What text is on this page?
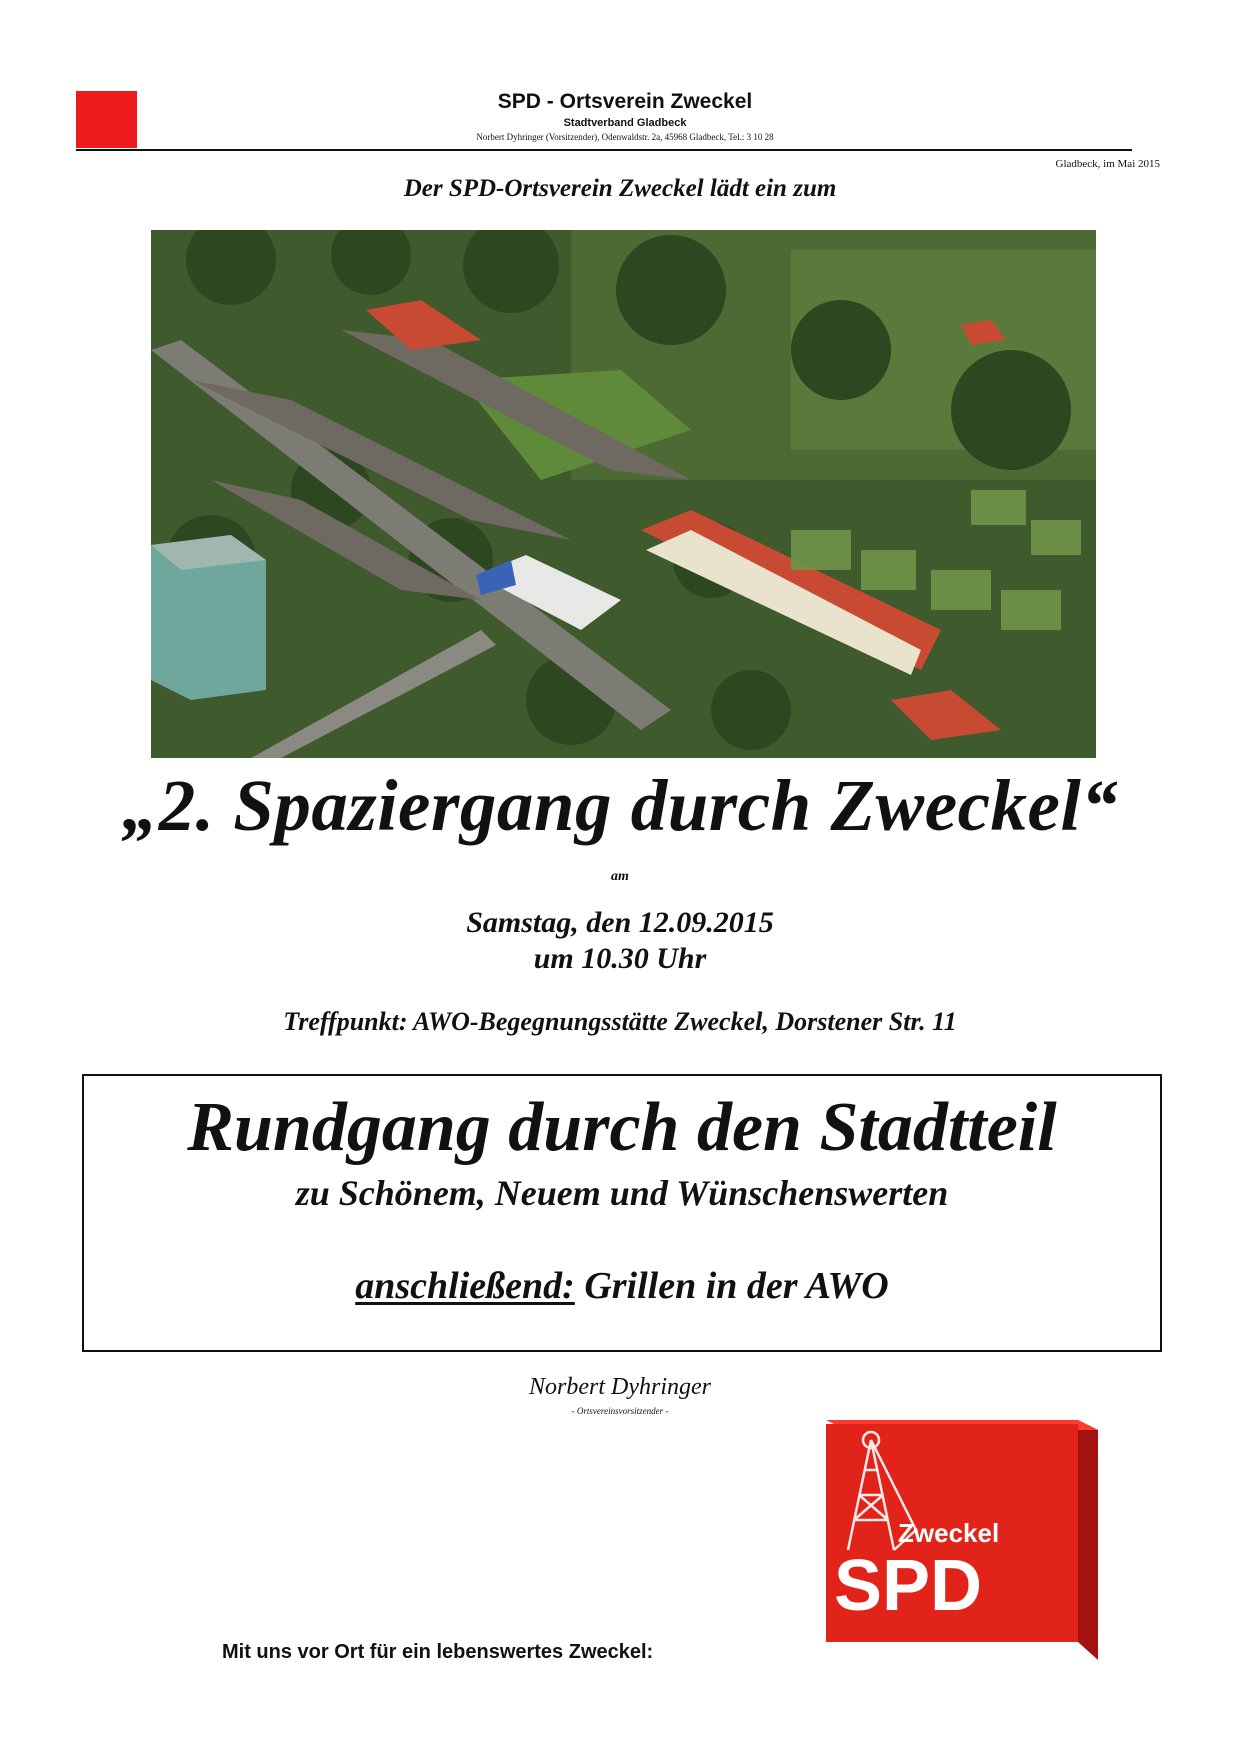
SPD - Ortsverein Zweckel
Stadtverband Gladbeck
Norbert Dyhringer (Vorsitzender), Odenwaldstr. 2a, 45968 Gladbeck, Tel.: 3 10 28
Gladbeck, im Mai 2015
Der SPD-Ortsverein Zweckel lädt ein zum
„2. Spaziergang durch Zweckel“
am
Samstag, den 12.09.2015
um 10.30 Uhr
Treffpunkt: AWO-Begegnungsstätte Zweckel, Dorstener Str. 11
Rundgang durch den Stadtteil
zu Schönem, Neuem und Wünschenswerten
anschließend: Grillen in der AWO
Norbert Dyhringer
- Ortsvereinsvorsitzender -
Zweckel
SPD
Mit uns vor Ort für ein lebenswertes Zweckel:
